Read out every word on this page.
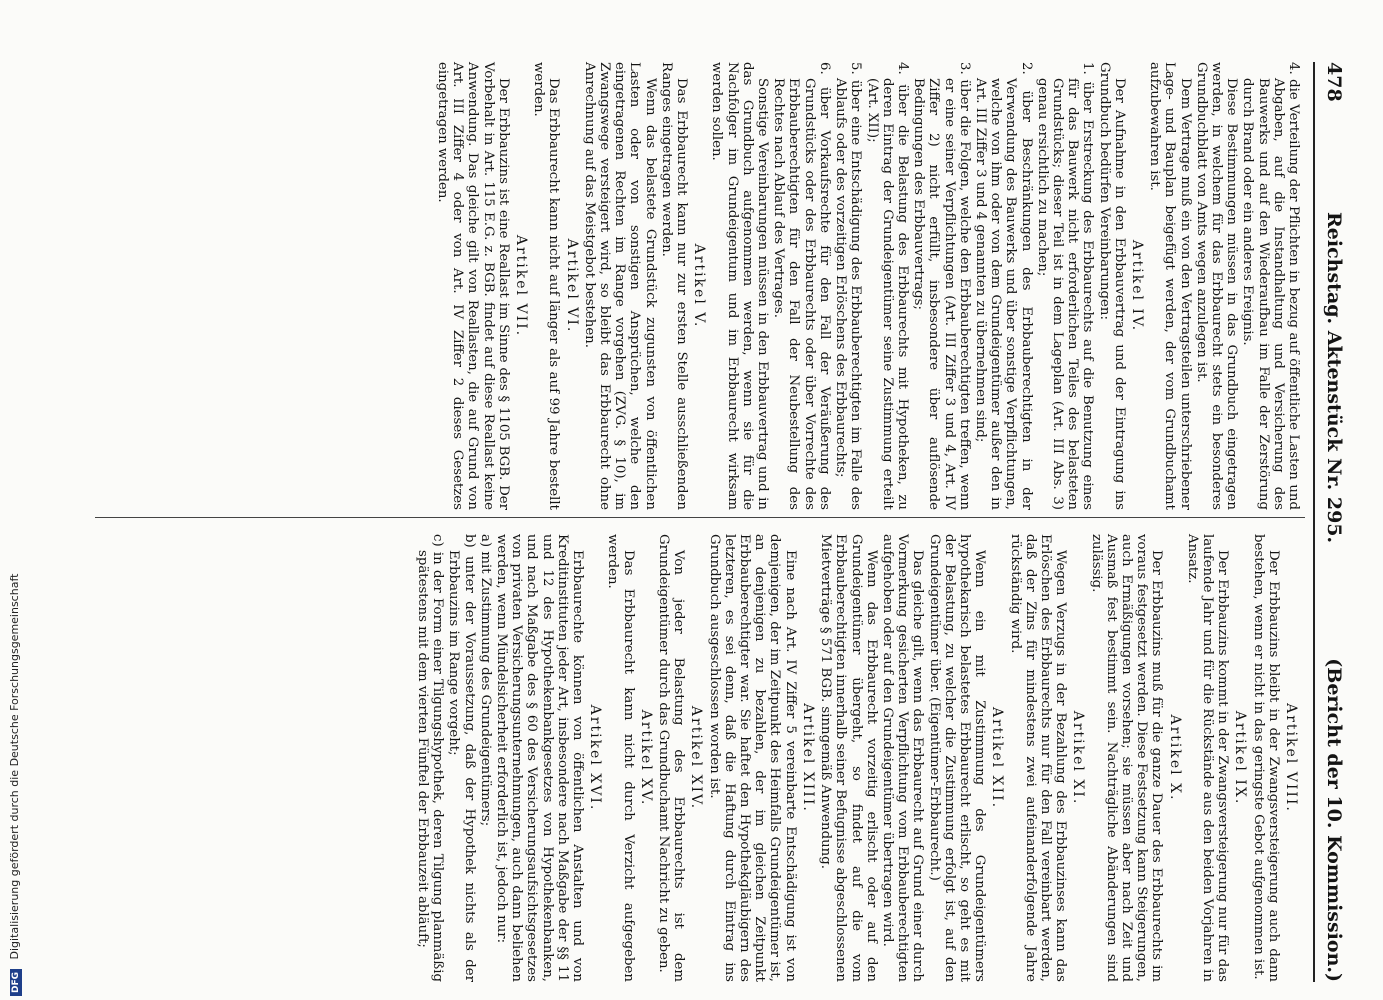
478
Reichstag. Aktenstück Nr. 295.
(Bericht der 10. Kommission.)

4. die Verteilung der Pflichten in bezug auf öffentliche Lasten und Abgaben, auf die Instandhaltung und Versicherung des Bauwerks und auf den Wiederaufbau im Falle der Zerstörung durch Brand oder ein anderes Ereignis.

Diese Bestimmungen müssen in das Grundbuch eingetragen werden, in welchem für das Erbbaurecht stets ein besonderes Grundbuchblatt von Amts wegen anzulegen ist.

Dem Vertrage muß ein von den Vertragsteilen unterschriebener Lage- und Bauplan beigefügt werden, der vom Grundbuchamt aufzubewahren ist.

Artikel IV.

Der Aufnahme in den Erbbauvertrag und der Eintragung ins Grundbuch bedürfen Vereinbarungen:

1. über Erstreckung des Erbbaurechts auf die Benutzung eines für das Bauwerk nicht erforderlichen Teiles des belasteten Grundstücks; dieser Teil ist in dem Lageplan (Art. III Abs. 3) genau ersichtlich zu machen;

2. über Beschränkungen des Erbbauberechtigten in der Verwendung des Bauwerks und über sonstige Verpflichtungen, welche von ihm oder von dem Grundeigentümer außer den in Art. III Ziffer 3 und 4 genannten zu übernehmen sind;

3. über die Folgen, welche den Erbbauberechtigten treffen, wenn er eine seiner Verpflichtungen (Art. III Ziffer 3 und 4, Art. IV Ziffer 2) nicht erfüllt, insbesondere über auflösende Bedingungen des Erbbauvertrags;

4. über die Belastung des Erbbaurechts mit Hypotheken, zu deren Eintrag der Grundeigentümer seine Zustimmung erteilt (Art. XII);

5. über eine Entschädigung des Erbbauberechtigten im Falle des Ablaufs oder des vorzeitigen Erlöschens des Erbbaurechts;

6. über Vorkaufsrechte für den Fall der Veräußerung des Grundstücks oder des Erbbaurechts oder über Vorrechte des Erbbauberechtigten für den Fall der Neubestellung des Rechtes nach Ablauf des Vertrages.

Sonstige Vereinbarungen müssen in den Erbbauvertrag und in das Grundbuch aufgenommen werden, wenn sie für die Nachfolger im Grundeigentum und im Erbbaurecht wirksam werden sollen.

Artikel V.

Das Erbbaurecht kann nur zur ersten Stelle ausschließenden Ranges eingetragen werden.

Wenn das belastete Grundstück zugunsten von öffentlichen Lasten oder von sonstigen Ansprüchen, welche den eingetragenen Rechten im Range vorgehen (ZVG. § 10), im Zwangswege versteigert wird, so bleibt das Erbbaurecht ohne Anrechnung auf das Meistgebot bestehen.

Artikel VI.

Das Erbbaurecht kann nicht auf länger als auf 99 Jahre bestellt werden.

Artikel VII.

Der Erbbauzins ist eine Reallast im Sinne des § 1105 BGB. Der Vorbehalt in Art. 115 E.G. z. BGB. findet auf diese Reallast keine Anwendung. Das gleiche gilt von Reallasten, die auf Grund von Art. III Ziffer 4 oder von Art. IV Ziffer 2 dieses Gesetzes eingetragen werden.

Artikel VIII.

Der Erbbauzins bleibt in der Zwangsversteigerung auch dann bestehen, wenn er nicht in das geringste Gebot aufgenommen ist.

Artikel IX.

Der Erbbauzins kommt in der Zwangsversteigerung nur für das laufende Jahr und für die Rückstände aus den beiden Vorjahren in Ansatz.

Artikel X.

Der Erbbauzins muß für die ganze Dauer des Erbbaurechts im voraus festgesetzt werden. Diese Festsetzung kann Steigerungen, auch Ermäßigungen vorsehen; sie müssen aber nach Zeit und Ausmaß fest bestimmt sein. Nachträgliche Abänderungen sind zulässig.

Artikel XI.

Wegen Verzugs in der Bezahlung des Erbbauzinses kann das Erlöschen des Erbbaurechts nur für den Fall vereinbart werden, daß der Zins für mindestens zwei aufeinanderfolgende Jahre rückständig wird.

Artikel XII.

Wenn ein mit Zustimmung des Grundeigentümers hypothekarisch belastetes Erbbaurecht erlischt, so geht es mit der Belastung, zu welcher die Zustimmung erfolgt ist, auf den Grundeigentümer über. (Eigentümer-Erbbaurecht.)

Das gleiche gilt, wenn das Erbbaurecht auf Grund einer durch Vormerkung gesicherten Verpflichtung vom Erbbauberechtigten aufgehoben oder auf den Grundeigentümer übertragen wird.

Wenn das Erbbaurecht vorzeitig erlischt oder auf den Grundeigentümer übergeht, so findet auf die vom Erbbauberechtigten innerhalb seiner Befugnisse abgeschlossenen Mietverträge § 571 BGB. sinngemäß Anwendung.

Artikel XIII.

Eine nach Art. IV Ziffer 5 vereinbarte Entschädigung ist von demjenigen, der im Zeitpunkt des Heimfalls Grundeigentümer ist, an denjenigen zu bezahlen, der im gleichen Zeitpunkt Erbbauberechtigter war. Sie haftet den Hypothekgläubigern des letzteren, es sei denn, daß die Haftung durch Eintrag ins Grundbuch ausgeschlossen worden ist.

Artikel XIV.

Von jeder Belastung des Erbbaurechts ist dem Grundeigentümer durch das Grundbuchamt Nachricht zu geben.

Artikel XV.

Das Erbbaurecht kann nicht durch Verzicht aufgegeben werden.

Artikel XVI.

Erbbaurechte können von öffentlichen Anstalten und von Kreditinstituten jeder Art, insbesondere nach Maßgabe der §§ 11 und 12 des Hypothekenbankgesetzes von Hypothekenbanken, und nach Maßgabe des § 60 des Versicherungsaufsichtsgesetzes von privaten Versicherungsunternehmungen, auch dann beliehen werden, wenn Mündelsicherheit erforderlich ist, jedoch nur:

a) mit Zustimmung des Grundeigentümers;

b) unter der Voraussetzung, daß der Hypothek nichts als der Erbbauzins im Range vorgeht;

c) in der Form einer Tilgungshypothek, deren Tilgung planmäßig spätestens mit dem vierten Fünftel der Erbbauzeit abläuft;

DFG Digitalisierung gefördert durch die Deutsche Forschungsgemeinschaft
